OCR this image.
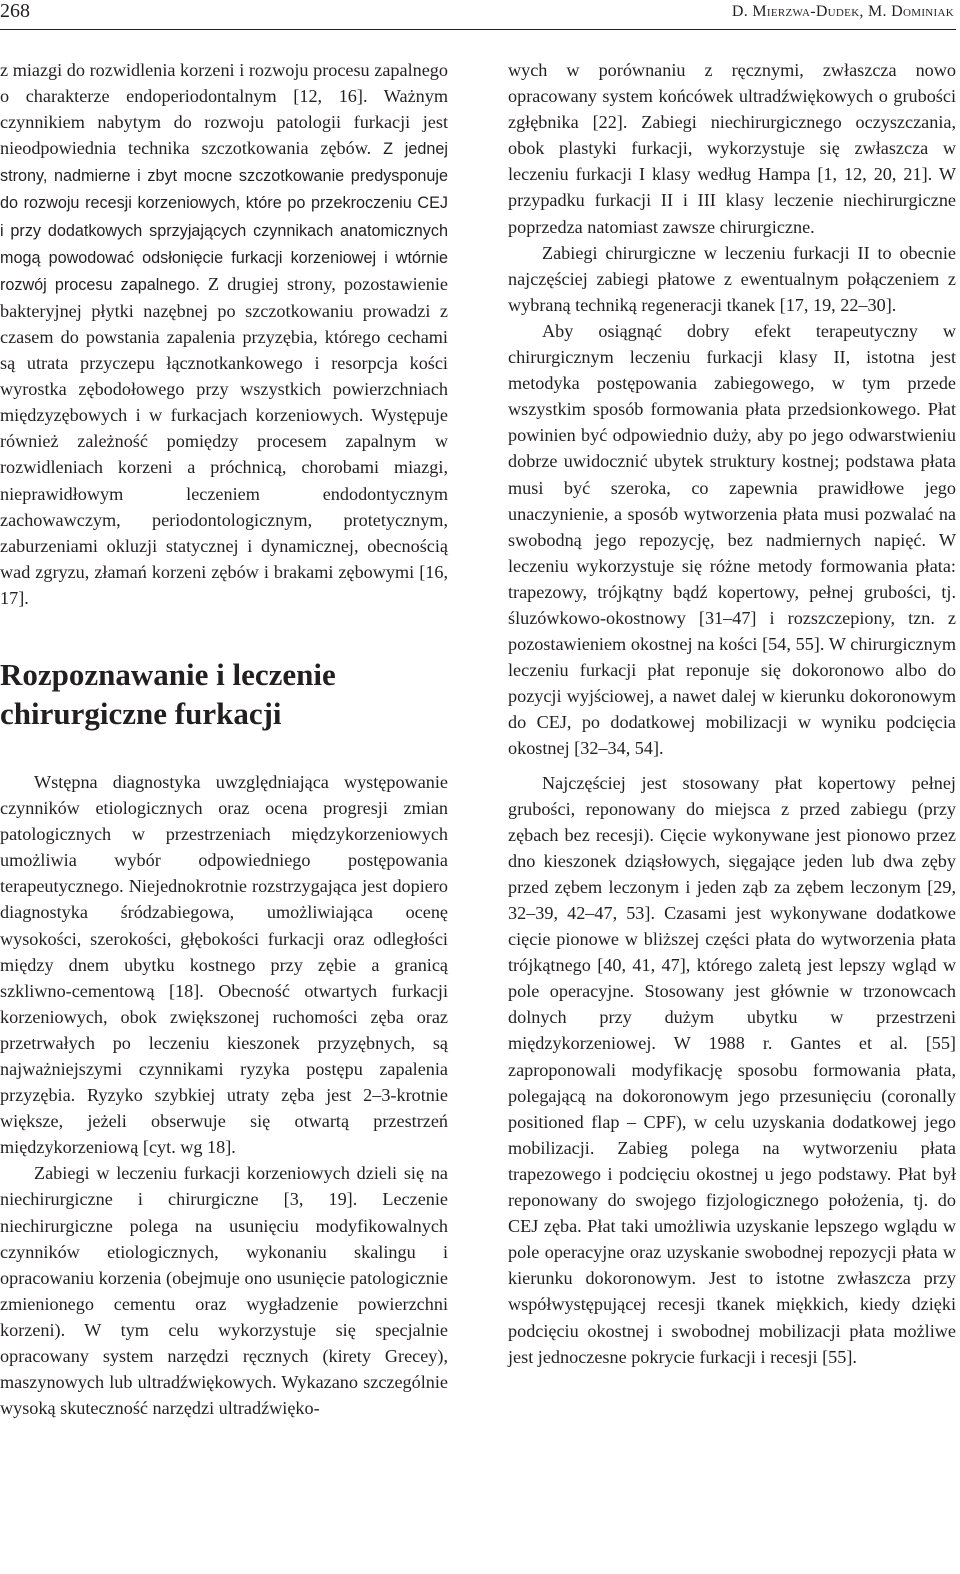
268	D. Mierzwa-Dudek, M. Dominiak

z miazgi do rozwidlenia korzeni i rozwoju procesu zapalnego o charakterze endoperiodontalnym [12, 16]. Ważnym czynnikiem nabytym do rozwoju patologii furkacji jest nieodpowiednia technika szczotkowania zębów. Z jednej strony, nadmierne i zbyt mocne szczotkowanie predysponuje do rozwoju recesji korzeniowych, które po przekroczeniu CEJ i przy dodatkowych sprzyjających czynnikach anatomicznych mogą powodować odsłonięcie furkacji korzeniowej i wtórnie rozwój procesu zapalnego. Z drugiej strony, pozostawienie bakteryjnej płytki nazębnej po szczotkowaniu prowadzi z czasem do powstania zapalenia przyzębia, którego cechami są utrata przyczepu łącznotkankowego i resorpcja kości wyrostka zębodołowego przy wszystkich powierzchniach międzyzębowych i w furkacjach korzeniowych. Występuje również zależność pomiędzy procesem zapalnym w rozwidleniach korzeni a próchnicą, chorobami miazgi, nieprawidłowym leczeniem endodontycznym zachowawczym, periodontologicznym, protetycznym, zaburzeniami okluzji statycznej i dynamicznej, obecnością wad zgryzu, złamań korzeni zębów i brakami zębowymi [16, 17].

Rozpoznawanie i leczenie chirurgiczne furkacji

Wstępna diagnostyka uwzględniająca występowanie czynników etiologicznych oraz ocena progresji zmian patologicznych w przestrzeniach międzykorzeniowych umożliwia wybór odpowiedniego postępowania terapeutycznego. Niejednokrotnie rozstrzygająca jest dopiero diagnostyka śródzabiegowa, umożliwiająca ocenę wysokości, szerokości, głębokości furkacji oraz odległości między dnem ubytku kostnego przy zębie a granicą szkliwno-cementową [18]. Obecność otwartych furkacji korzeniowych, obok zwiększonej ruchomości zęba oraz przetrwałych po leczeniu kieszonek przyzębnych, są najważniejszymi czynnikami ryzyka postępu zapalenia przyzębia. Ryzyko szybkiej utraty zęba jest 2–3-krotnie większe, jeżeli obserwuje się otwartą przestrzeń międzykorzeniową [cyt. wg 18].

Zabiegi w leczeniu furkacji korzeniowych dzieli się na niechirurgiczne i chirurgiczne [3, 19]. Leczenie niechirurgiczne polega na usunięciu modyfikowalnych czynników etiologicznych, wykonaniu skalingu i opracowaniu korzenia (obejmuje ono usunięcie patologicznie zmienionego cementu oraz wygładzenie powierzchni korzeni). W tym celu wykorzystuje się specjalnie opracowany system narzędzi ręcznych (kirety Grecey), maszynowych lub ultradźwiękowych. Wykazano szczególnie wysoką skuteczność narzędzi ultradźwięko-

wych w porównaniu z ręcznymi, zwłaszcza nowo opracowany system końcówek ultradźwiękowych o grubości zgłębnika [22]. Zabiegi niechirurgicznego oczyszczania, obok plastyki furkacji, wykorzystuje się zwłaszcza w leczeniu furkacji I klasy według Hampa [1, 12, 20, 21]. W przypadku furkacji II i III klasy leczenie niechirurgiczne poprzedza natomiast zawsze chirurgiczne.

Zabiegi chirurgiczne w leczeniu furkacji II to obecnie najczęściej zabiegi płatowe z ewentualnym połączeniem z wybraną techniką regeneracji tkanek [17, 19, 22–30].

Aby osiągnąć dobry efekt terapeutyczny w chirurgicznym leczeniu furkacji klasy II, istotna jest metodyka postępowania zabiegowego, w tym przede wszystkim sposób formowania płata przedsionkowego. Płat powinien być odpowiednio duży, aby po jego odwarstwieniu dobrze uwidocznić ubytek struktury kostnej; podstawa płata musi być szeroka, co zapewnia prawidłowe jego unaczynienie, a sposób wytworzenia płata musi pozwalać na swobodną jego repozycję, bez nadmiernych napięć. W leczeniu wykorzystuje się różne metody formowania płata: trapezowy, trójkątny bądź kopertowy, pełnej grubości, tj. śluzówkowo-okostnowy [31–47] i rozszczepiony, tzn. z pozostawieniem okostnej na kości [54, 55]. W chirurgicznym leczeniu furkacji płat reponuje się dokoronowo albo do pozycji wyjściowej, a nawet dalej w kierunku dokoronowym do CEJ, po dodatkowej mobilizacji w wyniku podcięcia okostnej [32–34, 54].

Najczęściej jest stosowany płat kopertowy pełnej grubości, reponowany do miejsca z przed zabiegu (przy zębach bez recesji). Cięcie wykonywane jest pionowo przez dno kieszonek dziąsłowych, sięgające jeden lub dwa zęby przed zębem leczonym i jeden ząb za zębem leczonym [29, 32–39, 42–47, 53]. Czasami jest wykonywane dodatkowe cięcie pionowe w bliższej części płata do wytworzenia płata trójkątnego [40, 41, 47], którego zaletą jest lepszy wgląd w pole operacyjne. Stosowany jest głównie w trzonowcach dolnych przy dużym ubytku w przestrzeni międzykorzeniowej. W 1988 r. Gantes et al. [55] zaproponowali modyfikację sposobu formowania płata, polegającą na dokoronowym jego przesunięciu (coronally positioned flap – CPF), w celu uzyskania dodatkowej jego mobilizacji. Zabieg polega na wytworzeniu płata trapezowego i podcięciu okostnej u jego podstawy. Płat był reponowany do swojego fizjologicznego położenia, tj. do CEJ zęba. Płat taki umożliwia uzyskanie lepszego wglądu w pole operacyjne oraz uzyskanie swobodnej repozycji płata w kierunku dokoronowym. Jest to istotne zwłaszcza przy współwystępującej recesji tkanek miękkich, kiedy dzięki podcięciu okostnej i swobodnej mobilizacji płata możliwe jest jednoczesne pokrycie furkacji i recesji [55].
